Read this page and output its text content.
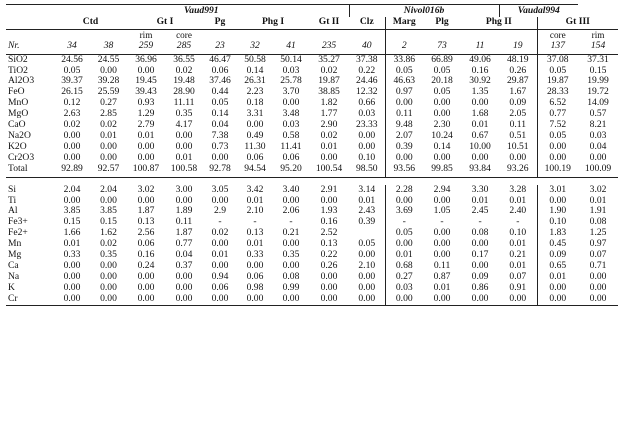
	Vaud991								Nivol016b				Vaudal994		
	Ctd		Gt I		Pg	Phg I		Gt II	Clz	Marg	Plg	Phg II		Gt III	
			rim	core										core	rim
Nr.	34	38	259	285	23	32	41	235	40	2	73	11	19	137	154
SiO2	24.56	24.55	36.96	36.55	46.47	50.58	50.14	35.27	37.38	33.86	66.89	49.06	48.19	37.08	37.31
TiO2	0.05	0.00	0.00	0.02	0.06	0.14	0.03	0.02	0.22	0.05	0.05	0.16	0.26	0.05	0.15
Al2O3	39.37	39.28	19.45	19.48	37.46	26.31	25.78	19.87	24.46	46.63	20.18	30.92	29.87	19.87	19.99
FeO	26.15	25.59	39.43	28.90	0.44	2.23	3.70	38.85	12.32	0.97	0.05	1.35	1.67	28.33	19.72
MnO	0.12	0.27	0.93	11.11	0.05	0.18	0.00	1.82	0.66	0.00	0.00	0.00	0.09	6.52	14.09
MgO	2.63	2.85	1.29	0.35	0.14	3.31	3.48	1.77	0.03	0.11	0.00	1.68	2.05	0.77	0.57
CaO	0.02	0.02	2.79	4.17	0.04	0.00	0.03	2.90	23.33	9.48	2.30	0.01	0.11	7.52	8.21
Na2O	0.00	0.01	0.01	0.00	7.38	0.49	0.58	0.02	0.00	2.07	10.24	0.67	0.51	0.05	0.03
K2O	0.00	0.00	0.00	0.00	0.73	11.30	11.41	0.01	0.00	0.39	0.14	10.00	10.51	0.00	0.04
Cr2O3	0.00	0.00	0.00	0.01	0.00	0.06	0.06	0.00	0.10	0.00	0.00	0.00	0.00	0.00	0.00
Total	92.89	92.57	100.87	100.58	92.78	94.54	95.20	100.54	98.50	93.56	99.85	93.84	93.26	100.19	100.09

Si	2.04	2.04	3.02	3.00	3.05	3.42	3.40	2.91	3.14	2.28	2.94	3.30	3.28	3.01	3.02
Ti	0.00	0.00	0.00	0.00	0.00	0.01	0.00	0.00	0.01	0.00	0.00	0.01	0.01	0.00	0.01
Al	3.85	3.85	1.87	1.89	2.9	2.10	2.06	1.93	2.43	3.69	1.05	2.45	2.40	1.90	1.91
Fe3+	0.15	0.15	0.13	0.11	-	-	-	0.16	0.39	-	-	-	-	0.10	0.08
Fe2+	1.66	1.62	2.56	1.87	0.02	0.13	0.21	2.52		0.05	0.00	0.08	0.10	1.83	1.25
Mn	0.01	0.02	0.06	0.77	0.00	0.01	0.00	0.13	0.05	0.00	0.00	0.00	0.01	0.45	0.97
Mg	0.33	0.35	0.16	0.04	0.01	0.33	0.35	0.22	0.00	0.01	0.00	0.17	0.21	0.09	0.07
Ca	0.00	0.00	0.24	0.37	0.00	0.00	0.00	0.26	2.10	0.68	0.11	0.00	0.01	0.65	0.71
Na	0.00	0.00	0.00	0.00	0.94	0.06	0.08	0.00	0.00	0.27	0.87	0.09	0.07	0.01	0.00
K	0.00	0.00	0.00	0.00	0.06	0.98	0.99	0.00	0.00	0.03	0.01	0.86	0.91	0.00	0.00
Cr	0.00	0.00	0.00	0.00	0.00	0.00	0.00	0.00	0.00	0.00	0.00	0.00	0.00	0.00	0.00
